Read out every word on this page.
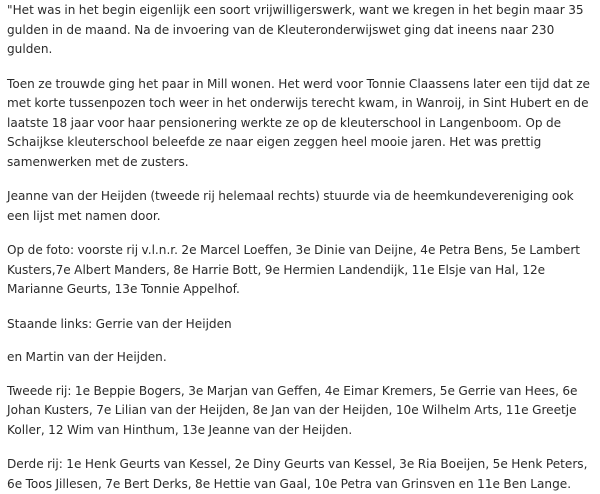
"Het was in het begin eigenlijk een soort vrijwilligerswerk, want we kregen in het begin maar 35 gulden in de maand. Na de invoering van de Kleuteronderwijswet ging dat ineens naar 230 gulden.

Toen ze trouwde ging het paar in Mill wonen. Het werd voor Tonnie Claassens later een tijd dat ze met korte tussenpozen toch weer in het onderwijs terecht kwam, in Wanroij, in Sint Hubert en de laatste 18 jaar voor haar pensionering werkte ze op de kleuterschool in Langenboom. Op de Schaijkse kleuterschool beleefde ze naar eigen zeggen heel mooie jaren. Het was prettig samenwerken met de zusters.

Jeanne van der Heijden (tweede rij helemaal rechts) stuurde via de heemkundevereniging ook een lijst met namen door.

Op de foto: voorste rij v.l.n.r. 2e Marcel Loeffen, 3e Dinie van Deijne, 4e Petra Bens, 5e Lambert Kusters,7e Albert Manders, 8e Harrie Bott, 9e Hermien Landendijk, 11e Elsje van Hal, 12e Marianne Geurts, 13e Tonnie Appelhof.

Staande links: Gerrie van der Heijden

en Martin van der Heijden.

Tweede rij: 1e Beppie Bogers, 3e Marjan van Geffen, 4e Eimar Kremers, 5e Gerrie van Hees, 6e Johan Kusters, 7e Lilian van der Heijden, 8e Jan van der Heijden, 10e Wilhelm Arts, 11e Greetje Koller, 12 Wim van Hinthum, 13e Jeanne van der Heijden.

Derde rij: 1e Henk Geurts van Kessel, 2e Diny Geurts van Kessel, 3e Ria Boeijen, 5e Henk Peters, 6e Toos Jillesen, 7e Bert Derks, 8e Hettie van Gaal, 10e Petra van Grinsven en 11e Ben Lange.
